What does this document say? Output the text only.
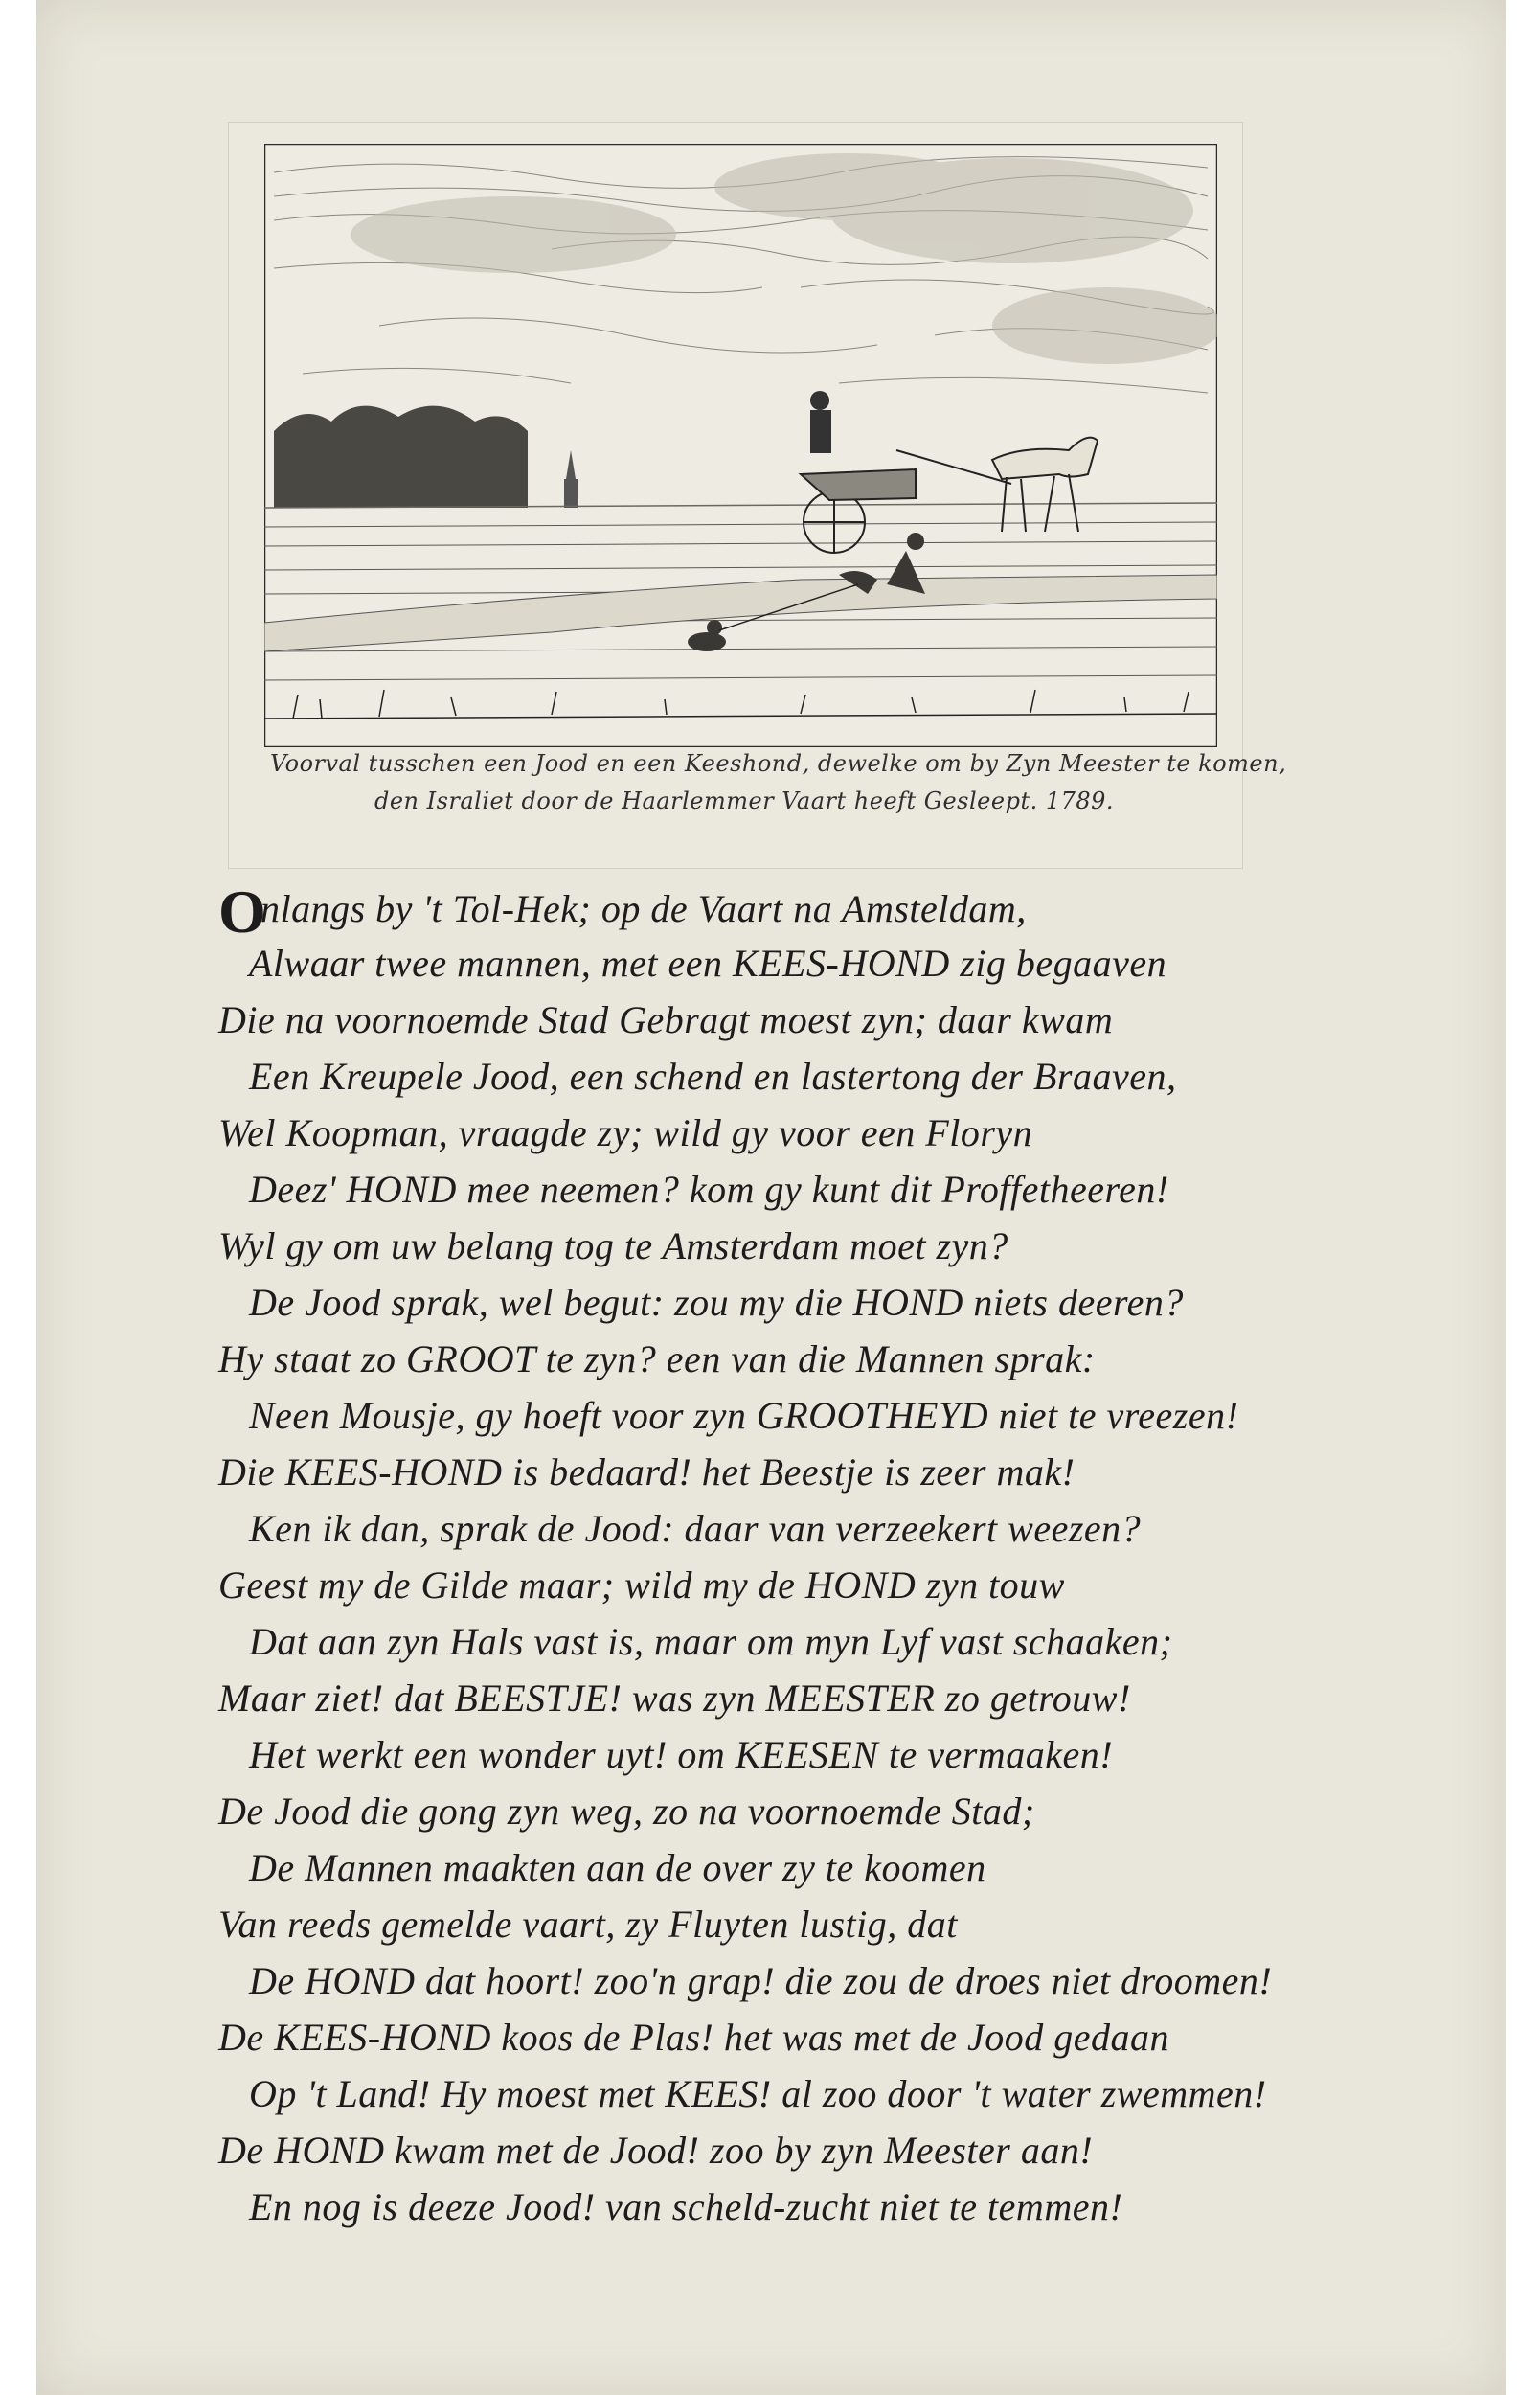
Voorval tusschen een Jood en een Keeshond, dewelke om by Zyn Meester te komen,
den Israliet door de Haarlemmer Vaart heeft Gesleept. 1789.
O
nlangs by 't Tol-Hek; op de Vaart na Amsteldam,
Alwaar twee mannen, met een KEES-HOND zig begaaven
Die na voornoemde Stad Gebragt moest zyn; daar kwam
Een Kreupele Jood, een schend en lastertong der Braaven,
Wel Koopman, vraagde zy; wild gy voor een Floryn
Deez' HOND mee neemen? kom gy kunt dit Proffetheeren!
Wyl gy om uw belang tog te Amsterdam moet zyn?
De Jood sprak, wel begut: zou my die HOND niets deeren?
Hy staat zo GROOT te zyn? een van die Mannen sprak:
Neen Mousje, gy hoeft voor zyn GROOTHEYD niet te vreezen!
Die KEES-HOND is bedaard! het Beestje is zeer mak!
Ken ik dan, sprak de Jood: daar van verzeekert weezen?
Geest my de Gilde maar; wild my de HOND zyn touw
Dat aan zyn Hals vast is, maar om myn Lyf vast schaaken;
Maar ziet! dat BEESTJE! was zyn MEESTER zo getrouw!
Het werkt een wonder uyt! om KEESEN te vermaaken!
De Jood die gong zyn weg, zo na voornoemde Stad;
De Mannen maakten aan de over zy te koomen
Van reeds gemelde vaart, zy Fluyten lustig, dat
De HOND dat hoort! zoo'n grap! die zou de droes niet droomen!
De KEES-HOND koos de Plas! het was met de Jood gedaan
Op 't Land! Hy moest met KEES! al zoo door 't water zwemmen!
De HOND kwam met de Jood! zoo by zyn Meester aan!
En nog is deeze Jood! van scheld-zucht niet te temmen!
